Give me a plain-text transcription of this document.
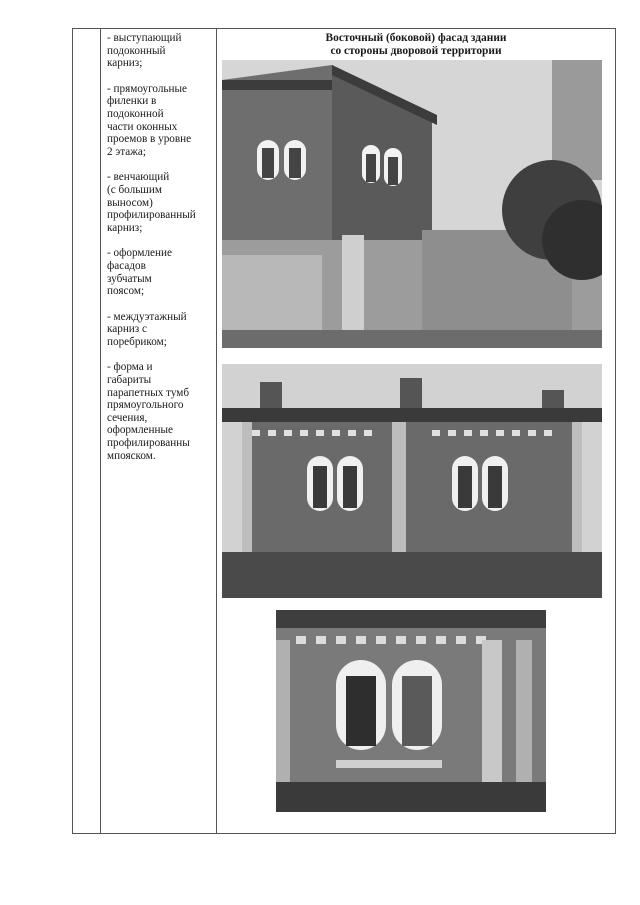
- выступающий
подоконный
карниз;
- прямоугольные
филенки в
подоконной
части оконных
проемов в уровне
2 этажа;
- венчающий
(с большим
выносом)
профилированный
карниз;
- оформление
фасадов
зубчатым
поясом;
- междуэтажный
карниз с
поребриком;
- форма и
габариты
парапетных тумб
прямоугольного
сечения,
оформленные
профилированны
мпояском.
Восточный (боковой) фасад здании
со стороны дворовой территории
